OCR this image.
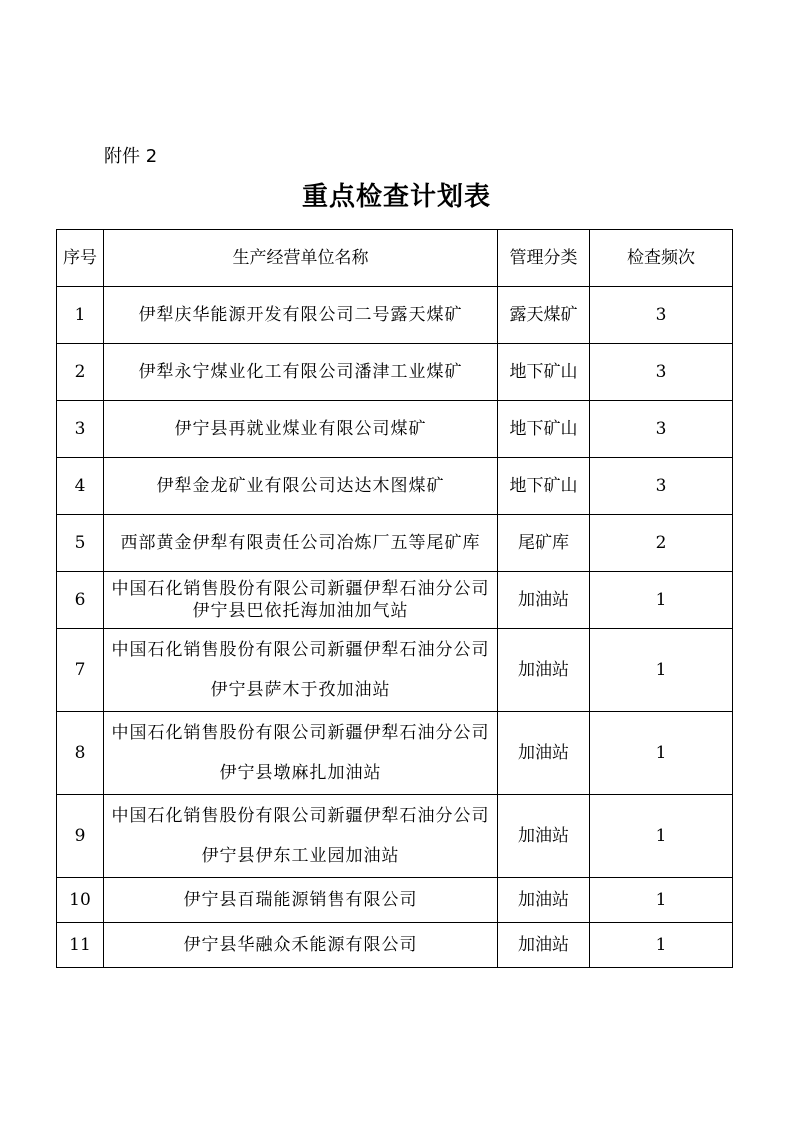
附件 2
重点检查计划表
序号	生产经营单位名称	管理分类	检查频次
1	伊犁庆华能源开发有限公司二号露天煤矿	露天煤矿	3
2	伊犁永宁煤业化工有限公司潘津工业煤矿	地下矿山	3
3	伊宁县再就业煤业有限公司煤矿	地下矿山	3
4	伊犁金龙矿业有限公司达达木图煤矿	地下矿山	3
5	西部黄金伊犁有限责任公司冶炼厂五等尾矿库	尾矿库	2
6	中国石化销售股份有限公司新疆伊犁石油分公司伊宁县巴依托海加油加气站	加油站	1
7	中国石化销售股份有限公司新疆伊犁石油分公司伊宁县萨木于孜加油站	加油站	1
8	中国石化销售股份有限公司新疆伊犁石油分公司伊宁县墩麻扎加油站	加油站	1
9	中国石化销售股份有限公司新疆伊犁石油分公司伊宁县伊东工业园加油站	加油站	1
10	伊宁县百瑞能源销售有限公司	加油站	1
11	伊宁县华融众禾能源有限公司	加油站	1
